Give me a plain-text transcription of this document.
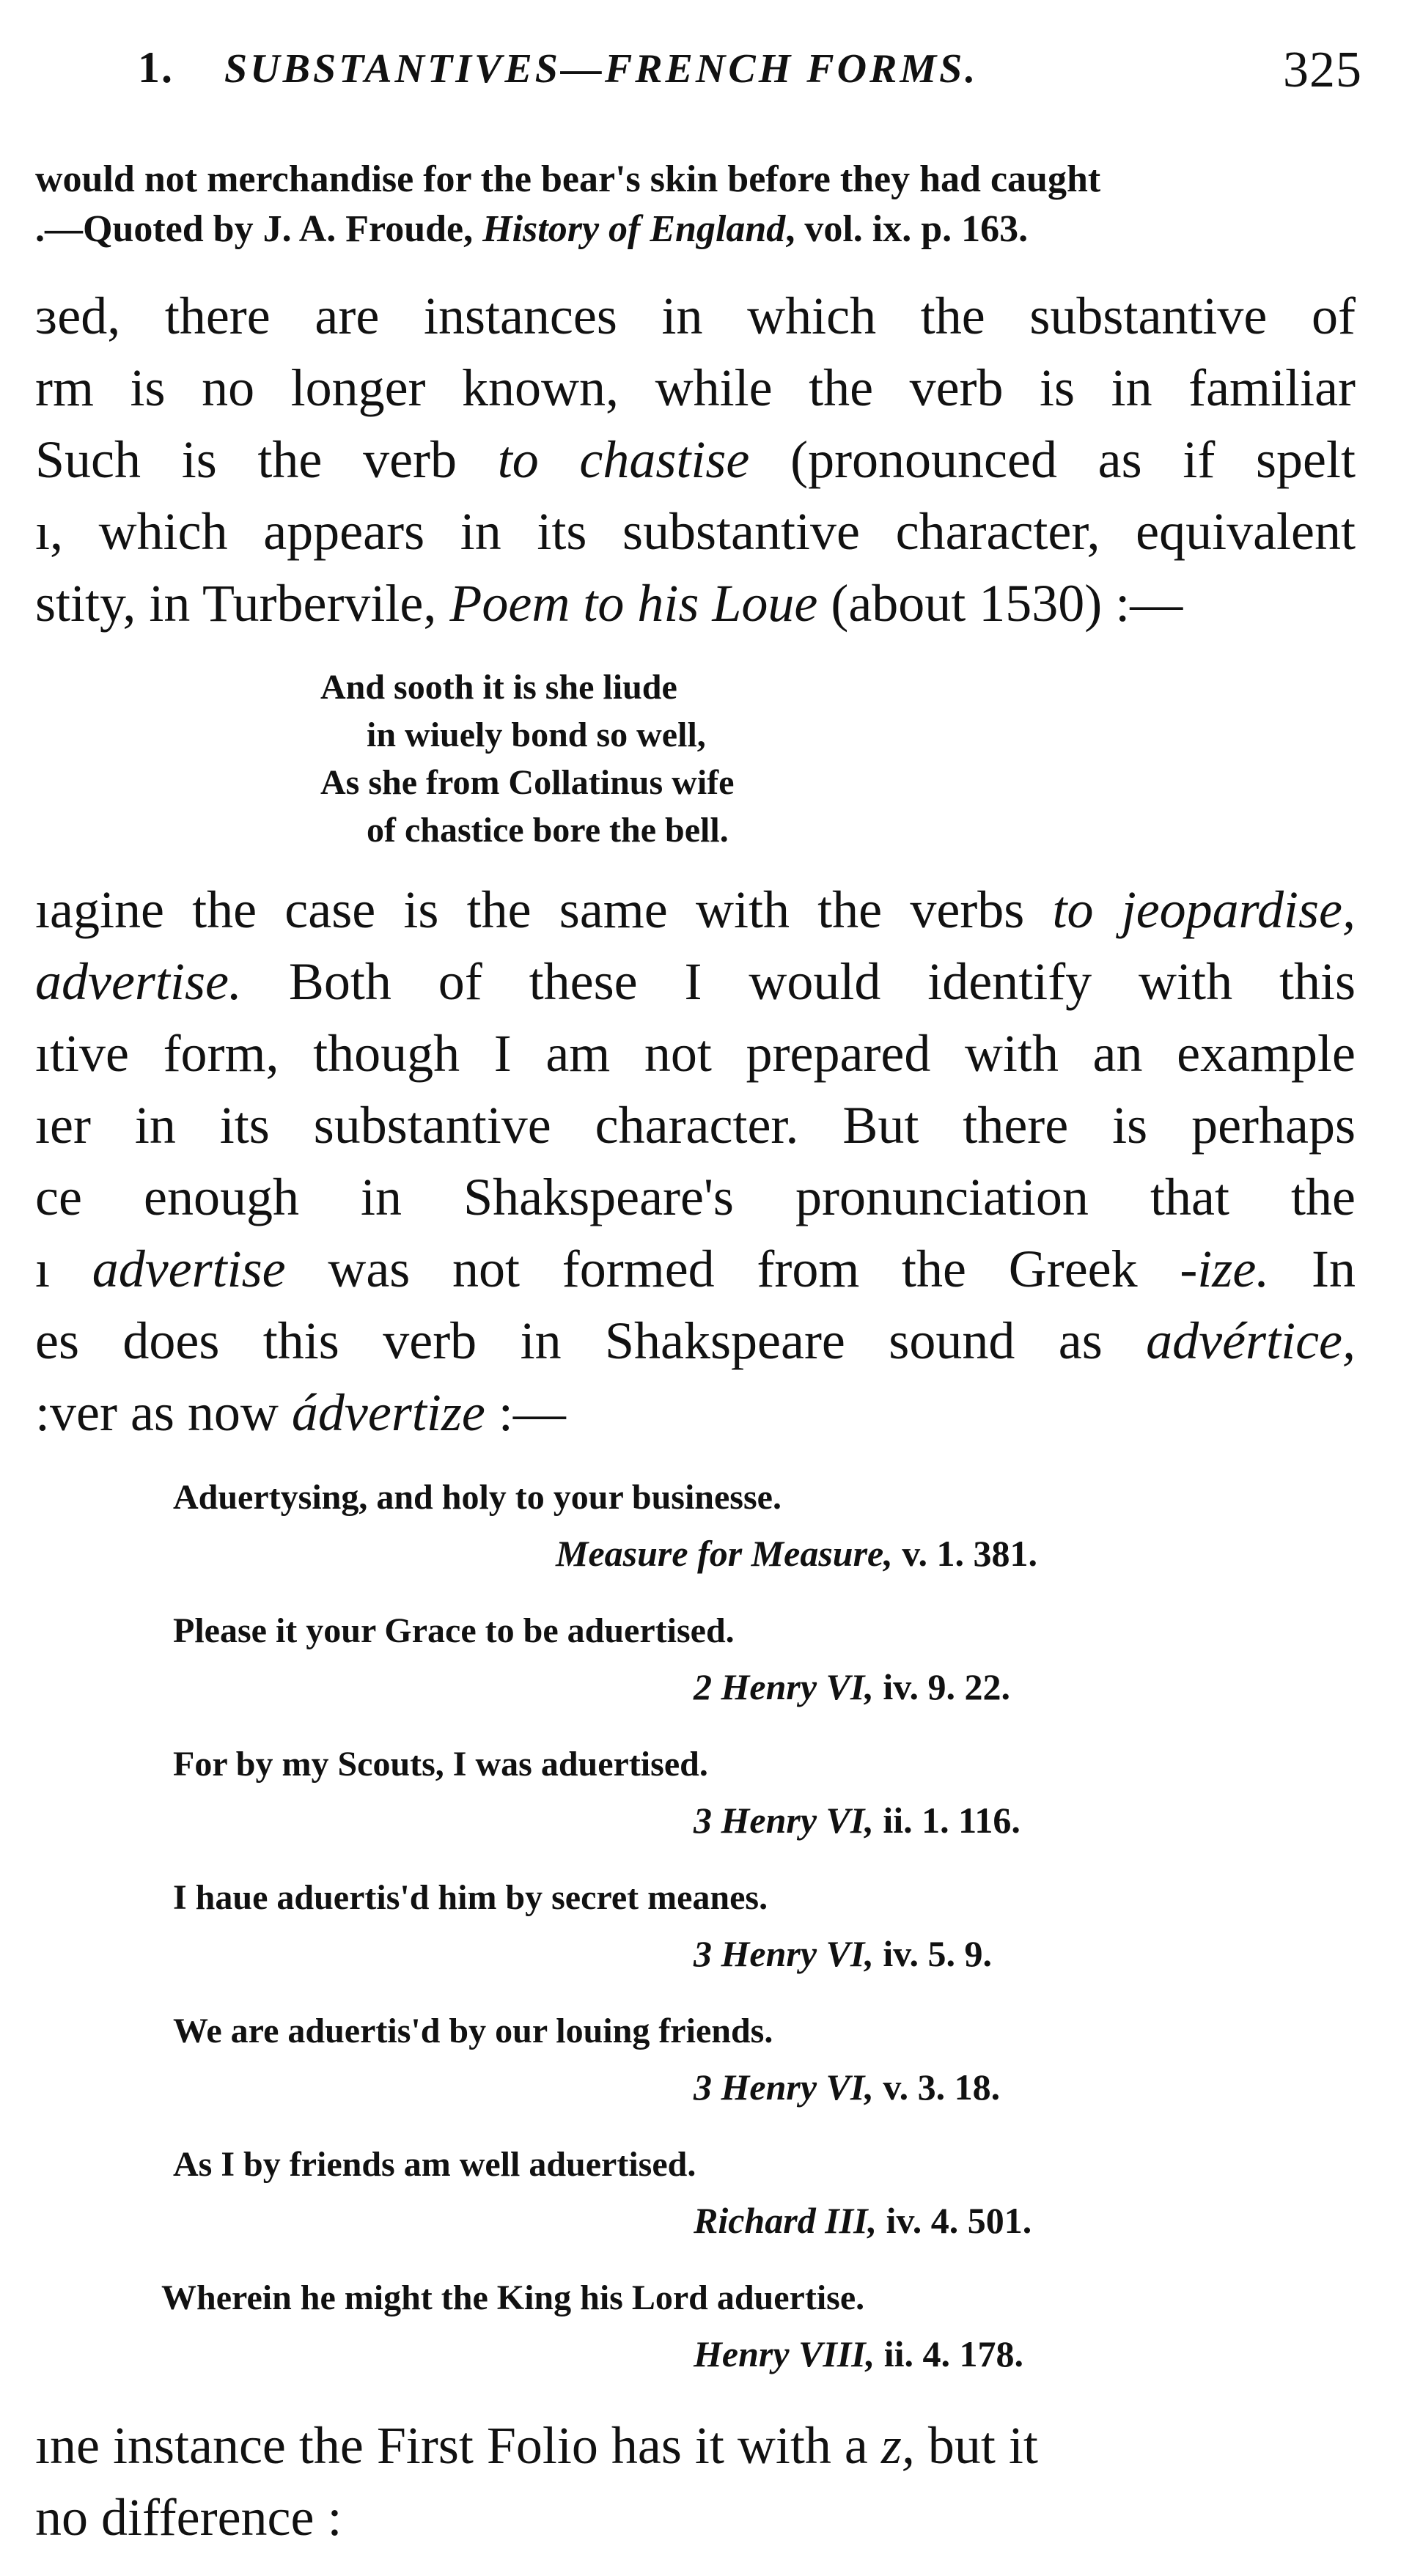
1. SUBSTANTIVES—FRENCH FORMS.	325
would not merchandise for the bear's skin before they had caught
.—Quoted by J. A. Froude, History of England, vol. ix. p. 163.
ɜed, there are instances in which the substantive of
rm is no longer known, while the verb is in familiar
Such is the verb to chastise (pronounced as if spelt
ı, which appears in its substantive character, equivalent
stity, in Turbervile, Poem to his Loue (about 1530) :—
And sooth it is she liude
in wiuely bond so well,
As she from Collatinus wife
of chastice bore the bell.
ıagine the case is the same with the verbs to jeopardise,
advertise. Both of these I would identify with this
ıtive form, though I am not prepared with an example
ıer in its substantive character. But there is perhaps
ce enough in Shakspeare's pronunciation that the
ı advertise was not formed from the Greek -ize. In
es does this verb in Shakspeare sound as advértice,
:ver as now ádvertize :—
Aduertysing, and holy to your businesse.
Measure for Measure, v. 1. 381.
Please it your Grace to be aduertised.
2 Henry VI, iv. 9. 22.
For by my Scouts, I was aduertised.
3 Henry VI, ii. 1. 116.
I haue aduertis'd him by secret meanes.
3 Henry VI, iv. 5. 9.
We are aduertis'd by our louing friends.
3 Henry VI, v. 3. 18.
As I by friends am well aduertised.
Richard III, iv. 4. 501.
Wherein he might the King his Lord aduertise.
Henry VIII, ii. 4. 178.
ıne instance the First Folio has it with a z, but it
no difference :
